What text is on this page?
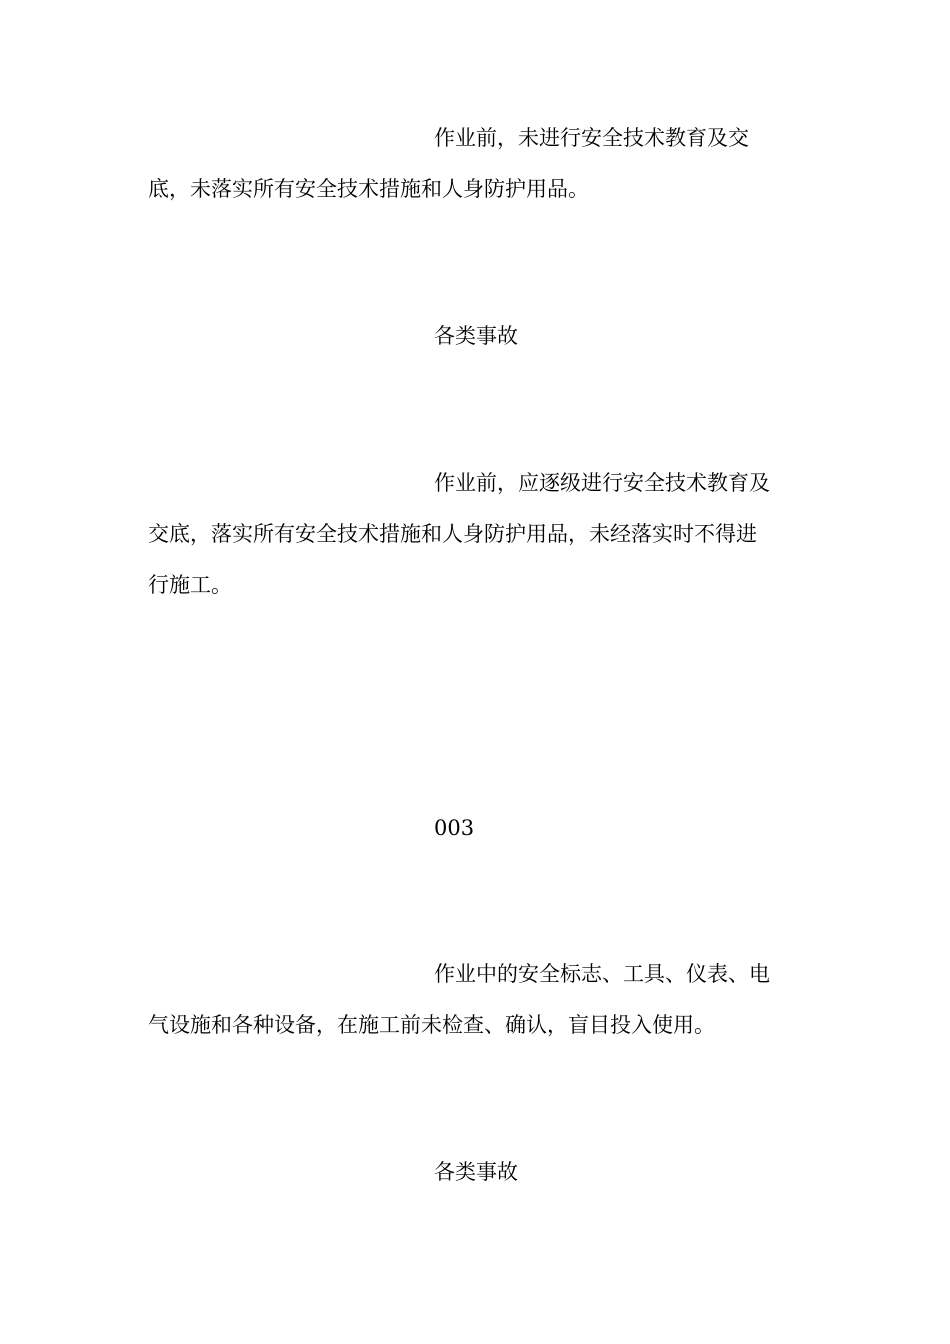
作业前，未进行安全技术教育及交
底，未落实所有安全技术措施和人身防护用品。
各类事故
作业前，应逐级进行安全技术教育及
交底，落实所有安全技术措施和人身防护用品，未经落实时不得进
行施工。
003
作业中的安全标志、工具、仪表、电
气设施和各种设备，在施工前未检查、确认，盲目投入使用。
各类事故
